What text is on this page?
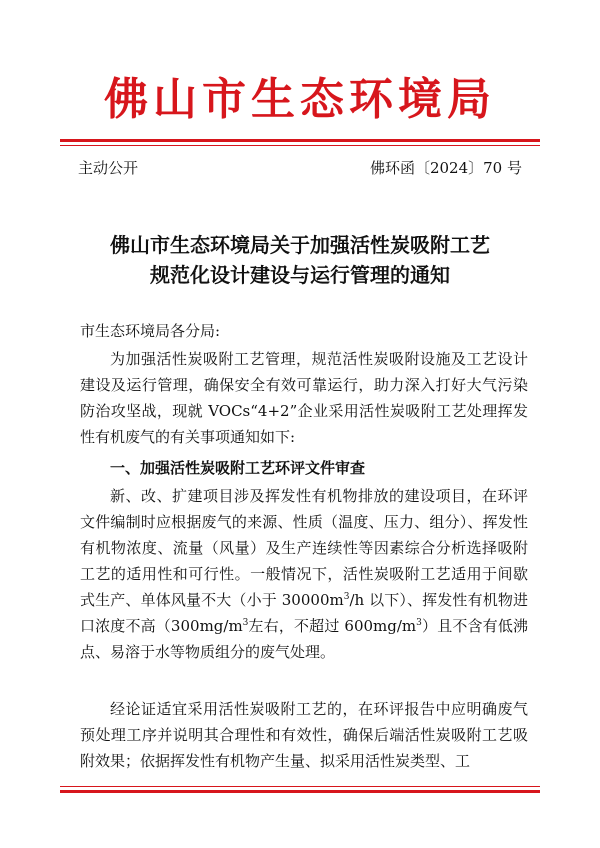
佛山市生态环境局
主动公开	佛环函〔2024〕70 号
佛山市生态环境局关于加强活性炭吸附工艺
规范化设计建设与运行管理的通知
市生态环境局各分局:

为加强活性炭吸附工艺管理，规范活性炭吸附设施及工艺设计建设及运行管理，确保安全有效可靠运行，助力深入打好大气污染防治攻坚战，现就 VOCs“4+2”企业采用活性炭吸附工艺处理挥发性有机废气的有关事项通知如下:

一、加强活性炭吸附工艺环评文件审查

新、改、扩建项目涉及挥发性有机物排放的建设项目，在环评文件编制时应根据废气的来源、性质（温度、压力、组分）、挥发性有机物浓度、流量（风量）及生产连续性等因素综合分析选择吸附工艺的适用性和可行性。一般情况下，活性炭吸附工艺适用于间歇式生产、单体风量不大（小于 $30000m^3/h$ 以下）、挥发性有机物进口浓度不高（$300mg/m^3$左右，不超过 $600mg/m^3$）且不含有低沸点、易溶于水等物质组分的废气处理。

经论证适宜采用活性炭吸附工艺的，在环评报告中应明确废气预处理工序并说明其合理性和有效性，确保后端活性炭吸附工艺吸附效果；依据挥发性有机物产生量、拟采用活性炭类型、工
